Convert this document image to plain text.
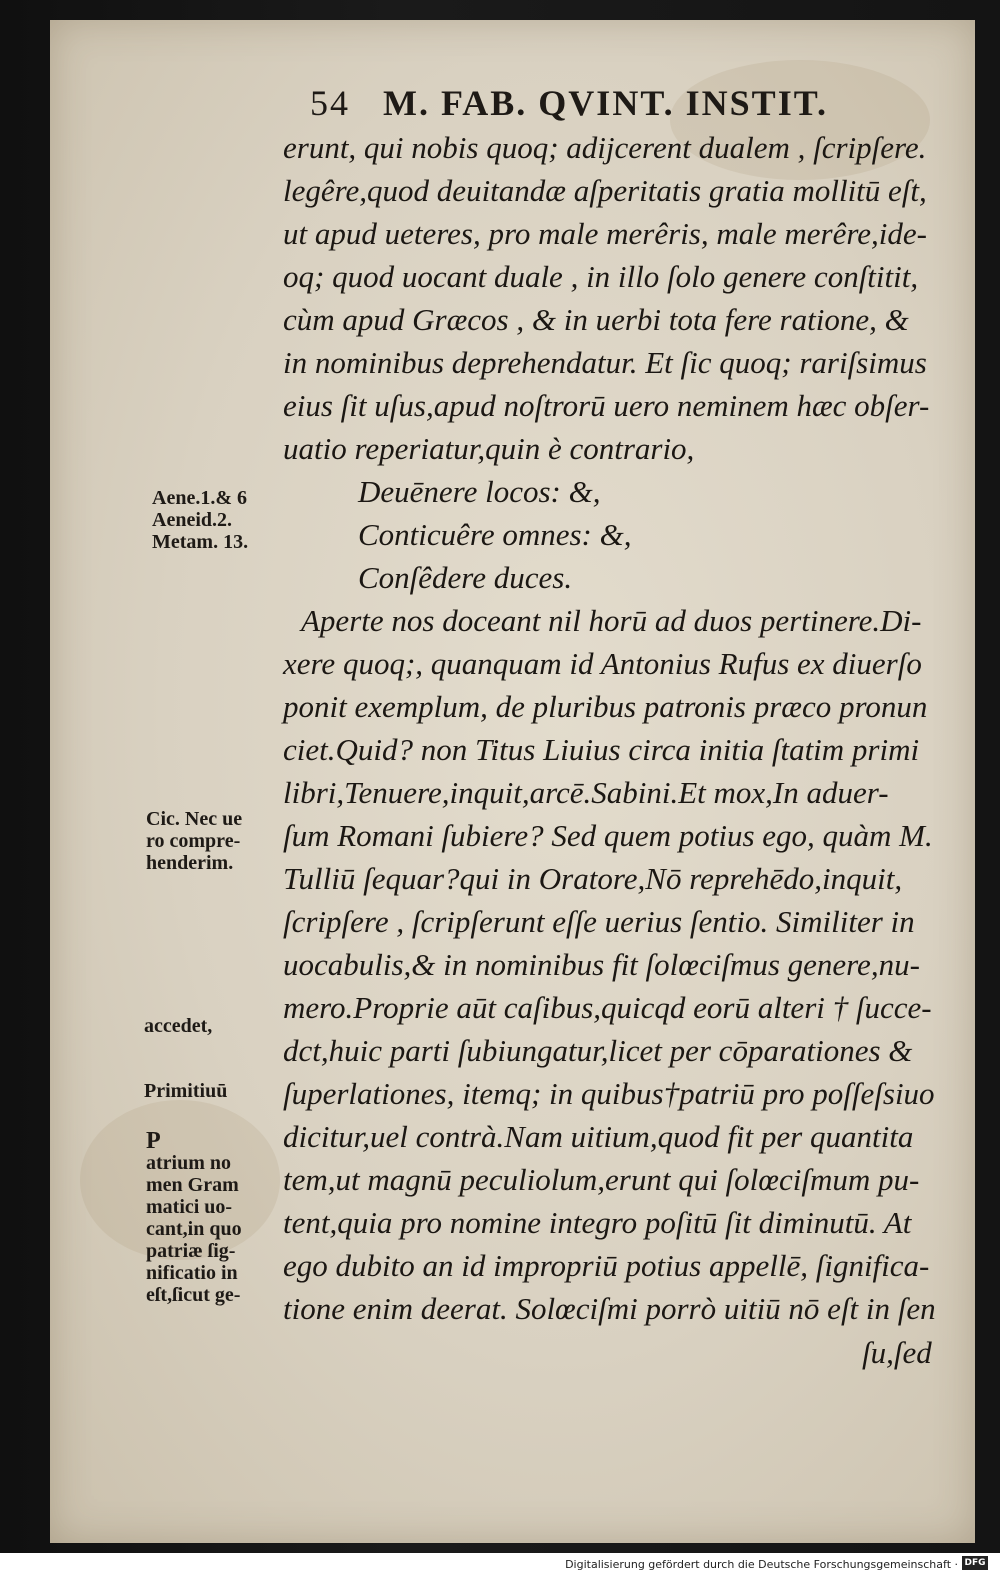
54 M. FAB. QVINT. INSTIT.
erunt, qui nobis quoq; adijcerent dualem , ſcripſere.
legêre,quod deuitandæ aſperitatis gratia mollitū eſt,
ut apud ueteres, pro male merêris, male merêre,ide-
oq; quod uocant duale , in illo ſolo genere conſtitit,
cùm apud Græcos , & in uerbi tota fere ratione, &
in nominibus deprehendatur. Et ſic quoq; rariſsimus
eius ſit uſus,apud noſtrorū uero neminem hæc obſer-
uatio reperiatur,quin è contrario,
Deuēnere locos: &,
Conticuêre omnes: &,
Conſêdere duces.
Aperte nos doceant nil horū ad duos pertinere.Di-
xere quoq;, quanquam id Antonius Rufus ex diuerſo
ponit exemplum, de pluribus patronis præco pronun
ciet.Quid? non Titus Liuius circa initia ſtatim primi
libri,Tenuere,inquit,arcē.Sabini.Et mox,In aduer-
ſum Romani ſubiere? Sed quem potius ego, quàm M.
Tulliū ſequar?qui in Oratore,Nō reprehēdo,inquit,
ſcripſere , ſcripſerunt eſſe uerius ſentio. Similiter in
uocabulis,& in nominibus fit ſolœciſmus genere,nu-
mero.Proprie aūt caſibus,quicqd eorū alteri † ſucce-
dct,huic parti ſubiungatur,licet per cōparationes &
ſuperlationes, itemq; in quibus†patriū pro poſſeſsiuo
dicitur,uel contrà.Nam uitium,quod fit per quantita
tem,ut magnū peculiolum,erunt qui ſolœciſmum pu-
tent,quia pro nomine integro poſitū ſit diminutū. At
ego dubito an id impropriū potius appellē, ſignifica-
tione enim deerat. Solœciſmi porrò uitiū nō eſt in ſen
ſu,ſed
Aene.1.& 6
Aeneid.2.
Metam. 13.
Cic. Nec ue
ro compre-
henderim.
accedet,
Primitiuū
P
atrium no
men Gram
matici uo-
cant,in quo
patriæ ſig-
nificatio in
eſt,ſicut ge-
Digitalisierung gefördert durch die Deutsche Forschungsgemeinschaft · DFG
